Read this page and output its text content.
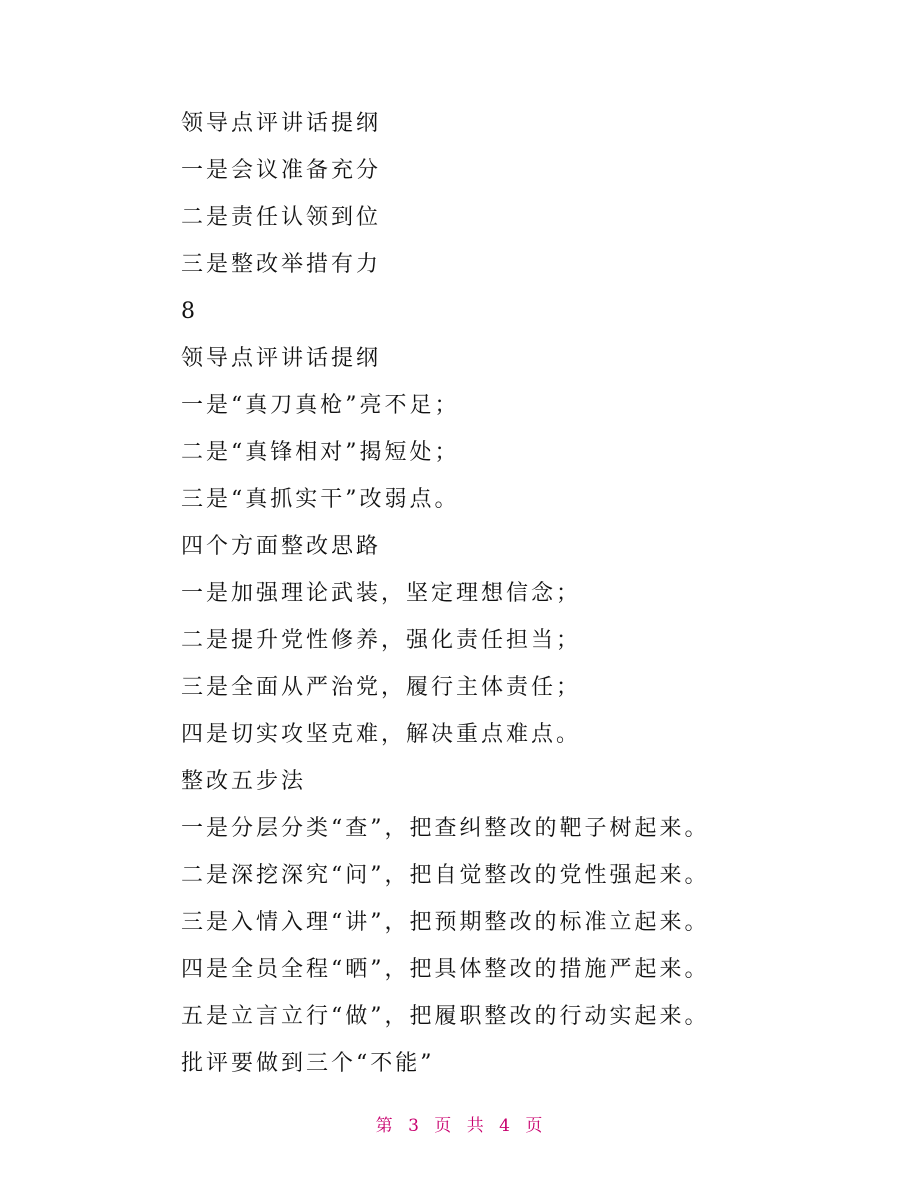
领导点评讲话提纲
一是会议准备充分
二是责任认领到位
三是整改举措有力
8
领导点评讲话提纲
一是“真刀真枪”亮不足；
二是“真锋相对”揭短处；
三是“真抓实干”改弱点。
四个方面整改思路
一是加强理论武装，坚定理想信念；
二是提升党性修养，强化责任担当；
三是全面从严治党，履行主体责任；
四是切实攻坚克难，解决重点难点。
整改五步法
一是分层分类“查”，把查纠整改的靶子树起来。
二是深挖深究“问”，把自觉整改的党性强起来。
三是入情入理“讲”，把预期整改的标准立起来。
四是全员全程“晒”，把具体整改的措施严起来。
五是立言立行“做”，把履职整改的行动实起来。
批评要做到三个“不能”
第 3 页 共 4 页
